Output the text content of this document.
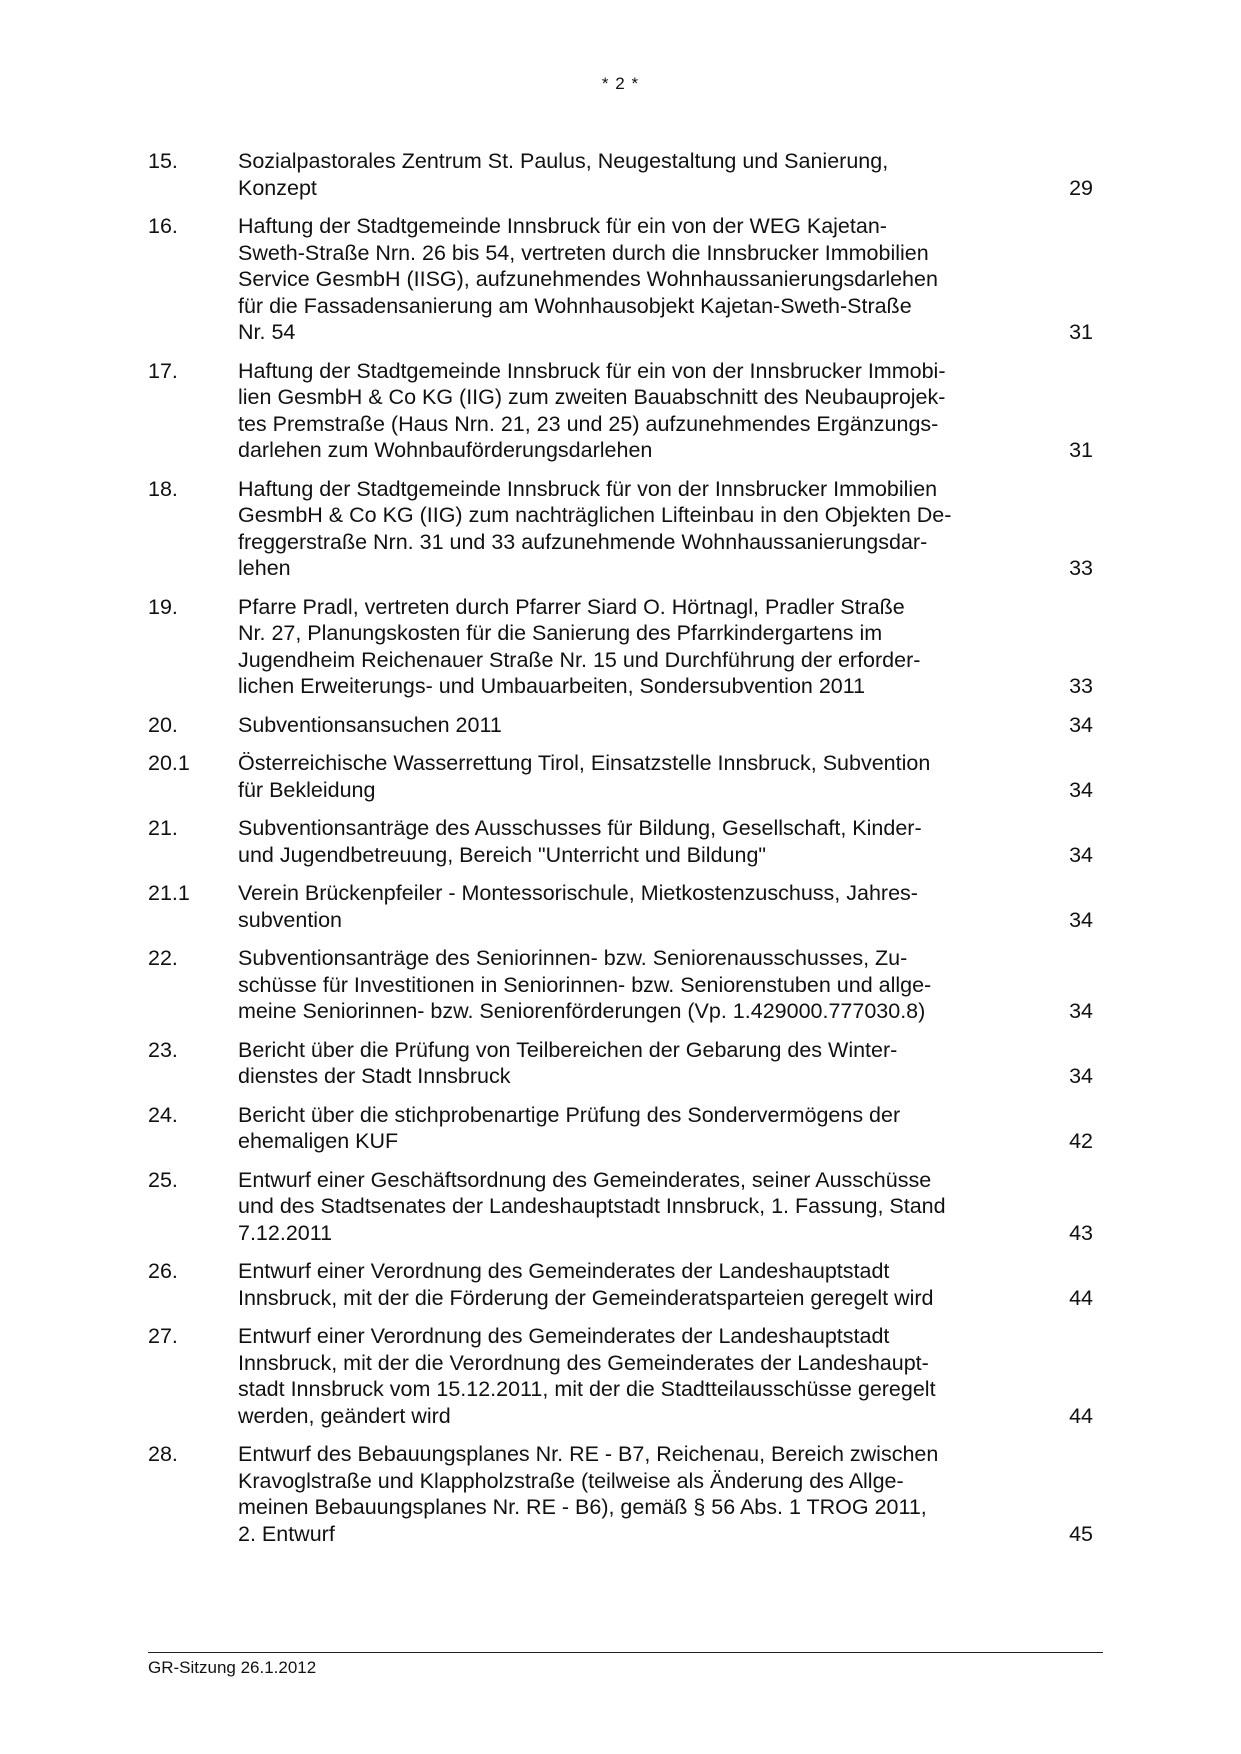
* 2 *
15.	Sozialpastorales Zentrum St. Paulus, Neugestaltung und Sanierung,
Konzept	29
16.	Haftung der Stadtgemeinde Innsbruck für ein von der WEG Kajetan-
Sweth-Straße Nrn. 26 bis 54, vertreten durch die Innsbrucker Immobilien
Service GesmbH (IISG), aufzunehmendes Wohnhaussanierungsdarlehen
für die Fassadensanierung am Wohnhausobjekt Kajetan-Sweth-Straße
Nr. 54	31
17.	Haftung der Stadtgemeinde Innsbruck für ein von der Innsbrucker Immobi-
lien GesmbH & Co KG (IIG) zum zweiten Bauabschnitt des Neubauprojek-
tes Premstraße (Haus Nrn. 21, 23 und 25) aufzunehmendes Ergänzungs-
darlehen zum Wohnbauförderungsdarlehen	31
18.	Haftung der Stadtgemeinde Innsbruck für von der Innsbrucker Immobilien
GesmbH & Co KG (IIG) zum nachträglichen Lifteinbau in den Objekten De-
freggerstraße Nrn. 31 und 33 aufzunehmende Wohnhaussanierungsdar-
lehen	33
19.	Pfarre Pradl, vertreten durch Pfarrer Siard O. Hörtnagl, Pradler Straße
Nr. 27, Planungskosten für die Sanierung des Pfarrkindergartens im
Jugendheim Reichenauer Straße Nr. 15 und Durchführung der erforder-
lichen Erweiterungs- und Umbauarbeiten, Sondersubvention 2011	33
20.	Subventionsansuchen 2011	34
20.1	Österreichische Wasserrettung Tirol, Einsatzstelle Innsbruck, Subvention
für Bekleidung	34
21.	Subventionsanträge des Ausschusses für Bildung, Gesellschaft, Kinder-
und Jugendbetreuung, Bereich "Unterricht und Bildung"	34
21.1	Verein Brückenpfeiler - Montessorischule, Mietkostenzuschuss, Jahres-
subvention	34
22.	Subventionsanträge des Seniorinnen- bzw. Seniorenausschusses, Zu-
schüsse für Investitionen in Seniorinnen- bzw. Seniorenstuben und allge-
meine Seniorinnen- bzw. Seniorenförderungen (Vp. 1.429000.777030.8)	34
23.	Bericht über die Prüfung von Teilbereichen der Gebarung des Winter-
dienstes der Stadt Innsbruck	34
24.	Bericht über die stichprobenartige Prüfung des Sondervermögens der
ehemaligen KUF	42
25.	Entwurf einer Geschäftsordnung des Gemeinderates, seiner Ausschüsse
und des Stadtsenates der Landeshauptstadt Innsbruck, 1. Fassung, Stand
7.12.2011	43
26.	Entwurf einer Verordnung des Gemeinderates der Landeshauptstadt
Innsbruck, mit der die Förderung der Gemeinderatsparteien geregelt wird	44
27.	Entwurf einer Verordnung des Gemeinderates der Landeshauptstadt
Innsbruck, mit der die Verordnung des Gemeinderates der Landeshaupt-
stadt Innsbruck vom 15.12.2011, mit der die Stadtteilausschüsse geregelt
werden, geändert wird	44
28.	Entwurf des Bebauungsplanes Nr. RE - B7, Reichenau, Bereich zwischen
Kravoglstraße und Klappholzstraße (teilweise als Änderung des Allge-
meinen Bebauungsplanes Nr. RE - B6), gemäß § 56 Abs. 1 TROG 2011,
2. Entwurf	45
GR-Sitzung 26.1.2012
